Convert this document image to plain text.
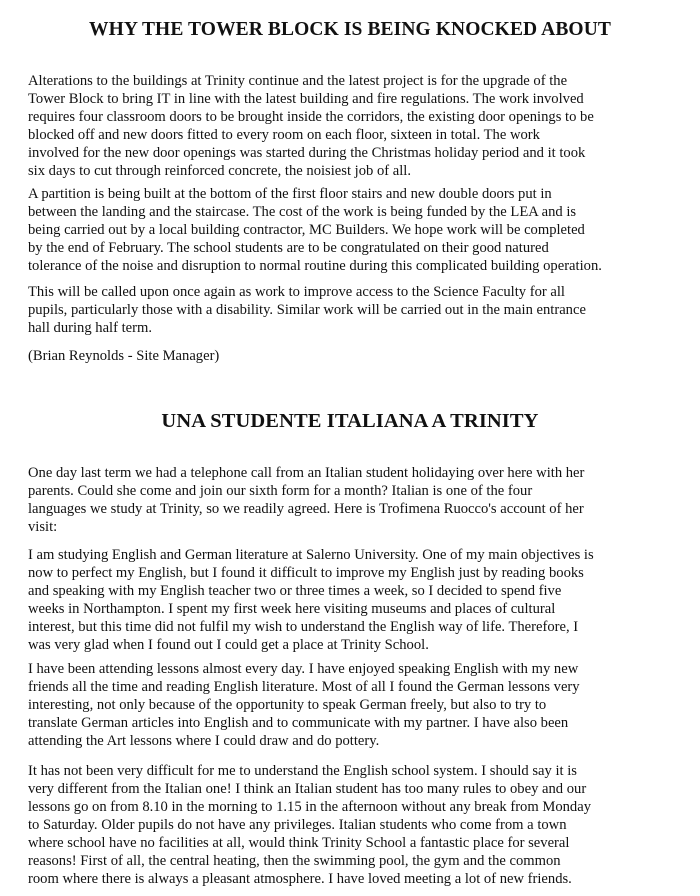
WHY THE TOWER BLOCK IS BEING KNOCKED ABOUT

Alterations to the buildings at Trinity continue and the latest project is for the upgrade of the
Tower Block to bring IT in line with the latest building and fire regulations. The work involved
requires four classroom doors to be brought inside the corridors, the existing door openings to be
blocked off and new doors fitted to every room on each floor, sixteen in total. The work
involved for the new door openings was started during the Christmas holiday period and it took
six days to cut through reinforced concrete, the noisiest job of all.

A partition is being built at the bottom of the first floor stairs and new double doors put in
between the landing and the staircase. The cost of the work is being funded by the LEA and is
being carried out by a local building contractor, MC Builders. We hope work will be completed
by the end of February. The school students are to be congratulated on their good natured
tolerance of the noise and disruption to normal routine during this complicated building operation.

This will be called upon once again as work to improve access to the Science Faculty for all
pupils, particularly those with a disability. Similar work will be carried out in the main entrance
hall during half term.

(Brian Reynolds - Site Manager)

UNA STUDENTE ITALIANA A TRINITY

One day last term we had a telephone call from an Italian student holidaying over here with her
parents. Could she come and join our sixth form for a month? Italian is one of the four
languages we study at Trinity, so we readily agreed. Here is Trofimena Ruocco's account of her
visit:

I am studying English and German literature at Salerno University. One of my main objectives is
now to perfect my English, but I found it difficult to improve my English just by reading books
and speaking with my English teacher two or three times a week, so I decided to spend five
weeks in Northampton. I spent my first week here visiting museums and places of cultural
interest, but this time did not fulfil my wish to understand the English way of life. Therefore, I
was very glad when I found out I could get a place at Trinity School.

I have been attending lessons almost every day. I have enjoyed speaking English with my new
friends all the time and reading English literature. Most of all I found the German lessons very
interesting, not only because of the opportunity to speak German freely, but also to try to
translate German articles into English and to communicate with my partner. I have also been
attending the Art lessons where I could draw and do pottery.

It has not been very difficult for me to understand the English school system. I should say it is
very different from the Italian one! I think an Italian student has too many rules to obey and our
lessons go on from 8.10 in the morning to 1.15 in the afternoon without any break from Monday
to Saturday. Older pupils do not have any privileges. Italian students who come from a town
where school have no facilities at all, would think Trinity School a fantastic place for several
reasons! First of all, the central heating, then the swimming pool, the gym and the common
room where there is always a pleasant atmosphere. I have loved meeting a lot of new friends.
